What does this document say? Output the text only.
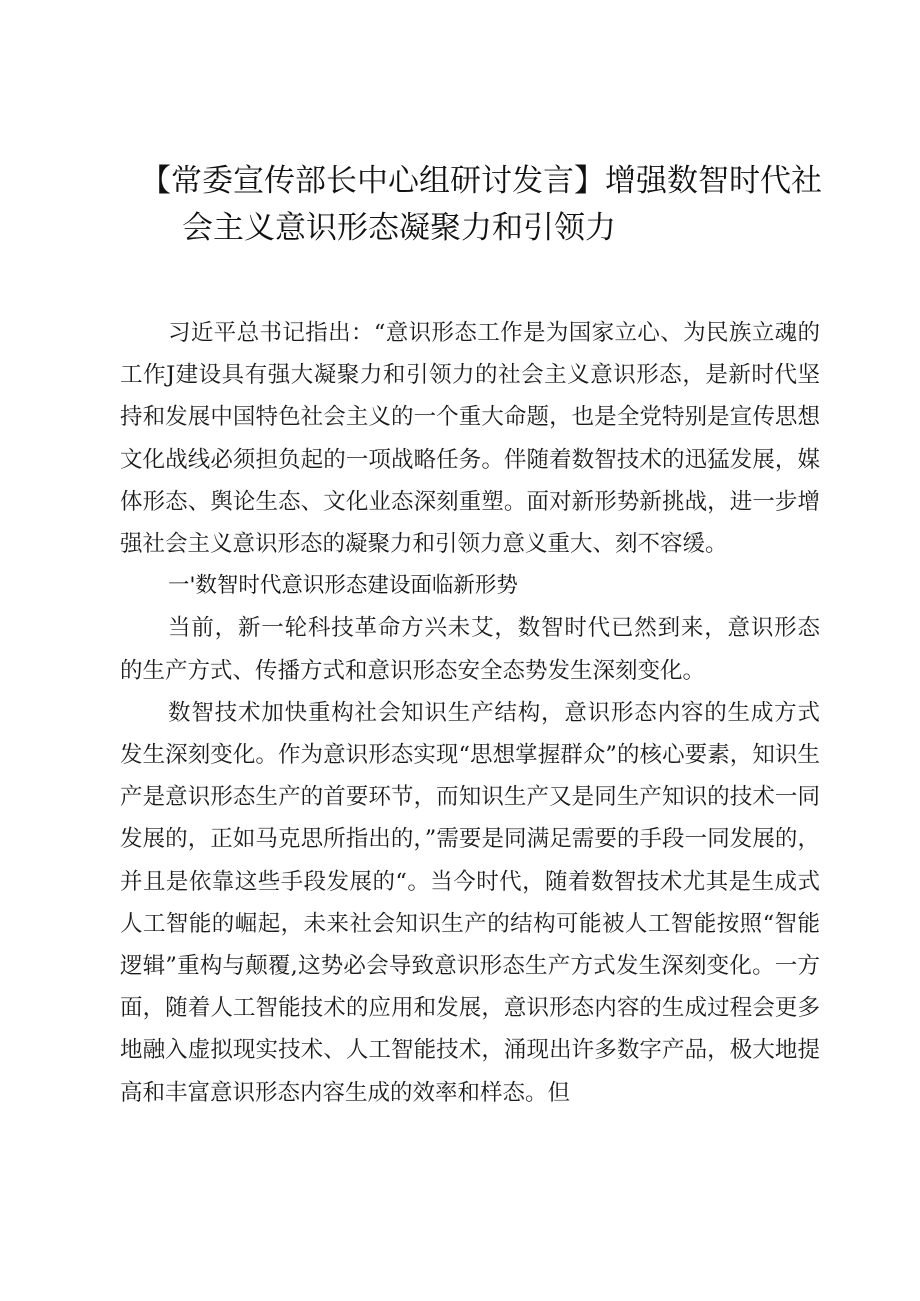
【常委宣传部长中心组研讨发言】增强数智时代社
会主义意识形态凝聚力和引领力

习近平总书记指出：“意识形态工作是为国家立心、为民族立魂的工作J建设具有强大凝聚力和引领力的社会主义意识形态，是新时代坚持和发展中国特色社会主义的一个重大命题，也是全党特别是宣传思想文化战线必须担负起的一项战略任务。伴随着数智技术的迅猛发展，媒体形态、舆论生态、文化业态深刻重塑。面对新形势新挑战，进一步增强社会主义意识形态的凝聚力和引领力意义重大、刻不容缓。

一'数智时代意识形态建设面临新形势

当前，新一轮科技革命方兴未艾，数智时代已然到来，意识形态的生产方式、传播方式和意识形态安全态势发生深刻变化。

数智技术加快重构社会知识生产结构，意识形态内容的生成方式发生深刻变化。作为意识形态实现“思想掌握群众”的核心要素，知识生产是意识形态生产的首要环节，而知识生产又是同生产知识的技术一同发展的，正如马克思所指出的，”需要是同满足需要的手段一同发展的，并且是依靠这些手段发展的“。当今时代，随着数智技术尤其是生成式人工智能的崛起，未来社会知识生产的结构可能被人工智能按照“智能逻辑”重构与颠覆,这势必会导致意识形态生产方式发生深刻变化。一方面，随着人工智能技术的应用和发展，意识形态内容的生成过程会更多地融入虚拟现实技术、人工智能技术，涌现出许多数字产品，极大地提高和丰富意识形态内容生成的效率和样态。但
